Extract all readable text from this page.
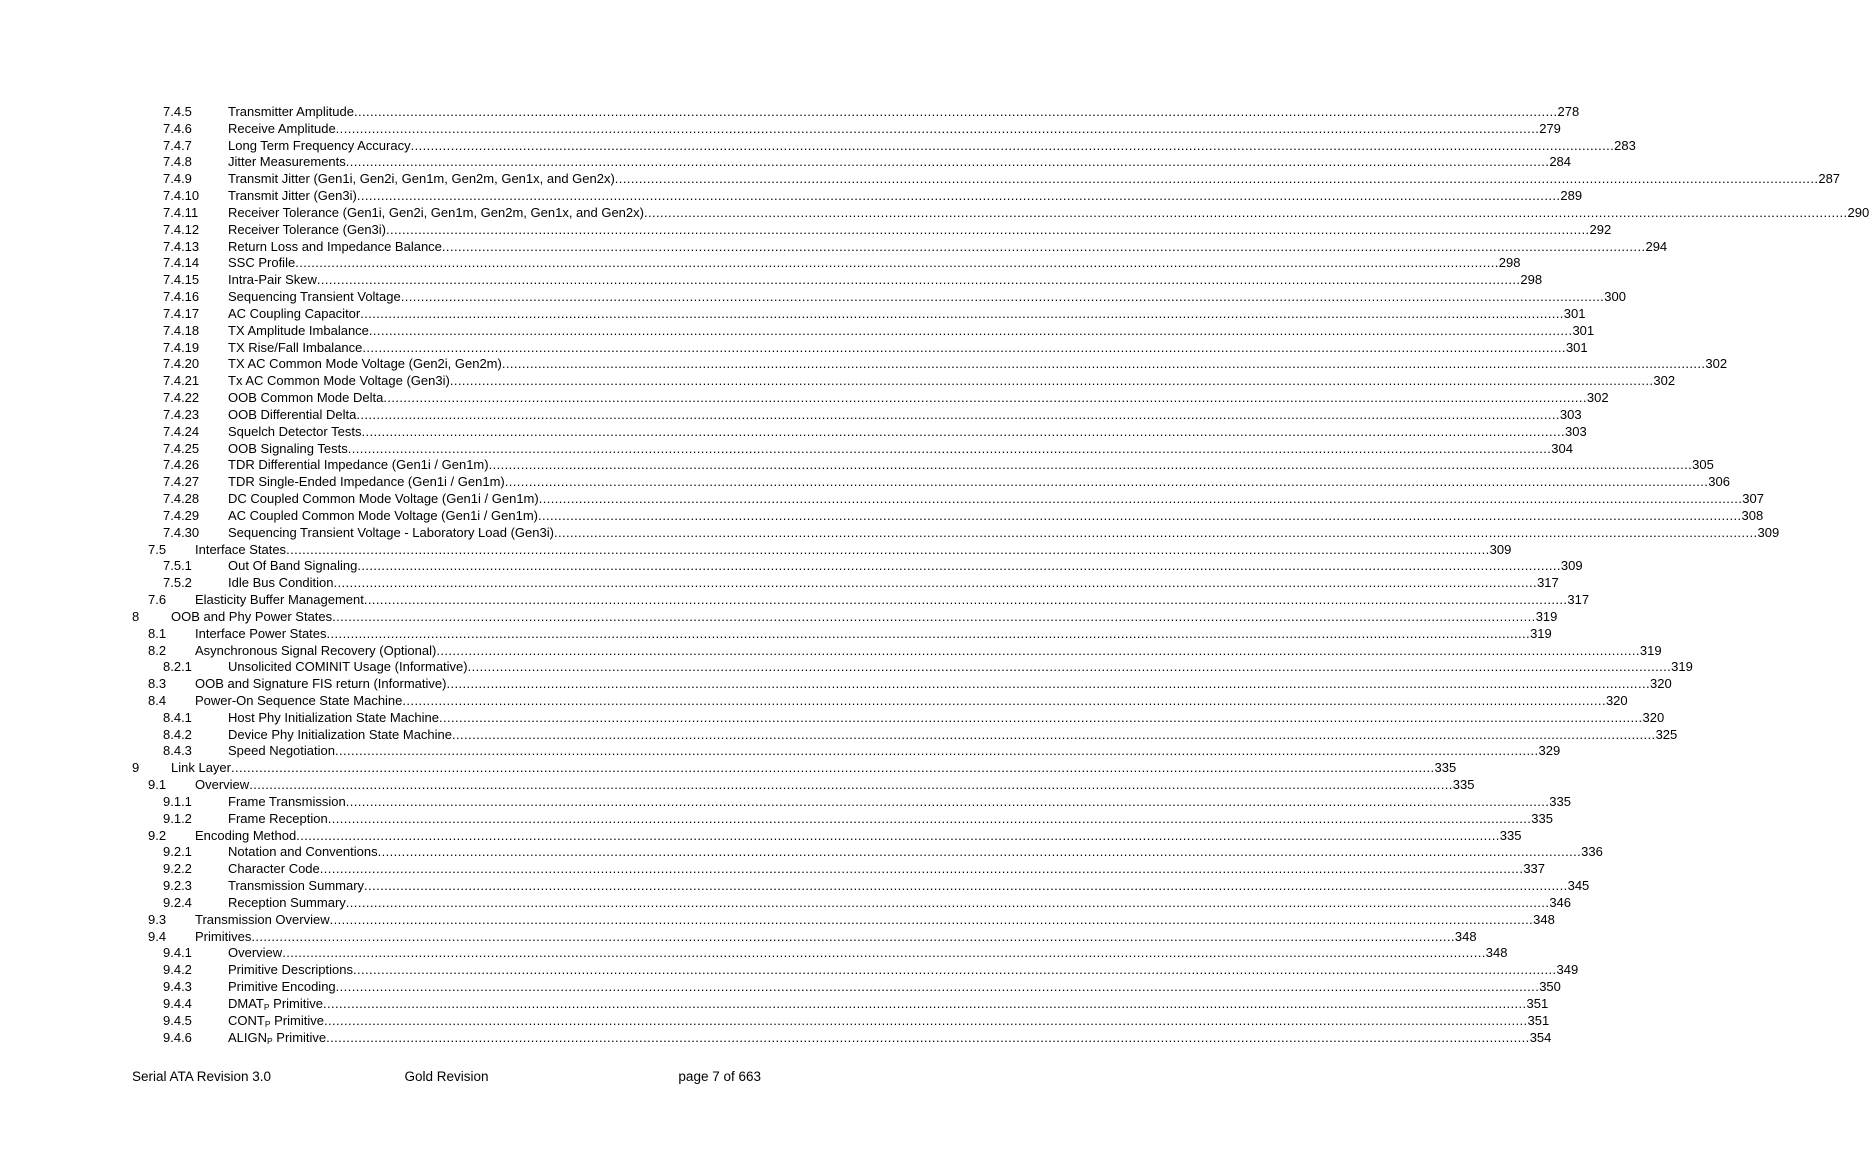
7.4.5	Transmitter Amplitude ............................................................................................................................................................................................................................................................................................................ 278
7.4.6	Receive Amplitude ............................................................................................................................................................................................................................................................................................................ 279
7.4.7	Long Term Frequency Accuracy ............................................................................................................................................................................................................................................................................................................ 283
7.4.8	Jitter Measurements ............................................................................................................................................................................................................................................................................................................ 284
7.4.9	Transmit Jitter (Gen1i, Gen2i, Gen1m, Gen2m, Gen1x, and Gen2x) ............................................................................................................................................................................................................................................................................................................ 287
7.4.10 Transmit Jitter (Gen3i) ............................................................................................................................................................................................................................................................................................................ 289
7.4.11 Receiver Tolerance (Gen1i, Gen2i, Gen1m, Gen2m, Gen1x, and Gen2x) ............................................................................................................................................................................................................................................................................................................ 290
7.4.12 Receiver Tolerance (Gen3i) ............................................................................................................................................................................................................................................................................................................ 292
7.4.13 Return Loss and Impedance Balance ............................................................................................................................................................................................................................................................................................................ 294
7.4.14 SSC Profile ............................................................................................................................................................................................................................................................................................................ 298
7.4.15 Intra-Pair Skew ............................................................................................................................................................................................................................................................................................................ 298
7.4.16 Sequencing Transient Voltage ............................................................................................................................................................................................................................................................................................................ 300
7.4.17 AC Coupling Capacitor ............................................................................................................................................................................................................................................................................................................ 301
7.4.18 TX Amplitude Imbalance ............................................................................................................................................................................................................................................................................................................ 301
7.4.19 TX Rise/Fall Imbalance ............................................................................................................................................................................................................................................................................................................ 301
7.4.20 TX AC Common Mode Voltage (Gen2i, Gen2m) ............................................................................................................................................................................................................................................................................................................ 302
7.4.21 Tx AC Common Mode Voltage (Gen3i) ............................................................................................................................................................................................................................................................................................................ 302
7.4.22 OOB Common Mode Delta ............................................................................................................................................................................................................................................................................................................ 302
7.4.23 OOB Differential Delta ............................................................................................................................................................................................................................................................................................................ 303
7.4.24 Squelch Detector Tests ............................................................................................................................................................................................................................................................................................................ 303
7.4.25 OOB Signaling Tests ............................................................................................................................................................................................................................................................................................................ 304
7.4.26 TDR Differential Impedance (Gen1i / Gen1m) ............................................................................................................................................................................................................................................................................................................ 305
7.4.27 TDR Single-Ended Impedance (Gen1i / Gen1m) ............................................................................................................................................................................................................................................................................................................ 306
7.4.28 DC Coupled Common Mode Voltage (Gen1i / Gen1m) ............................................................................................................................................................................................................................................................................................................ 307
7.4.29 AC Coupled Common Mode Voltage (Gen1i / Gen1m) ............................................................................................................................................................................................................................................................................................................ 308
7.4.30 Sequencing Transient Voltage - Laboratory Load (Gen3i) ............................................................................................................................................................................................................................................................................................................ 309
7.5 Interface States ............................................................................................................................................................................................................................................................................................................ 309
7.5.1	Out Of Band Signaling ............................................................................................................................................................................................................................................................................................................ 309
7.5.2	Idle Bus Condition ............................................................................................................................................................................................................................................................................................................ 317
7.6 Elasticity Buffer Management ............................................................................................................................................................................................................................................................................................................ 317
8 OOB and Phy Power States ............................................................................................................................................................................................................................................................................................................ 319
8.1 Interface Power States ............................................................................................................................................................................................................................................................................................................ 319
8.2 Asynchronous Signal Recovery (Optional) ............................................................................................................................................................................................................................................................................................................ 319
8.2.1	Unsolicited COMINIT Usage (Informative) ............................................................................................................................................................................................................................................................................................................ 319
8.3 OOB and Signature FIS return (Informative) ............................................................................................................................................................................................................................................................................................................ 320
8.4 Power-On Sequence State Machine ............................................................................................................................................................................................................................................................................................................ 320
8.4.1	Host Phy Initialization State Machine ............................................................................................................................................................................................................................................................................................................ 320
8.4.2	Device Phy Initialization State Machine ............................................................................................................................................................................................................................................................................................................ 325
8.4.3	Speed Negotiation ............................................................................................................................................................................................................................................................................................................ 329
9 Link Layer ............................................................................................................................................................................................................................................................................................................ 335
9.1 Overview ............................................................................................................................................................................................................................................................................................................ 335
9.1.1	Frame Transmission ............................................................................................................................................................................................................................................................................................................ 335
9.1.2	Frame Reception ............................................................................................................................................................................................................................................................................................................ 335
9.2 Encoding Method ............................................................................................................................................................................................................................................................................................................ 335
9.2.1	Notation and Conventions ............................................................................................................................................................................................................................................................................................................ 336
9.2.2	Character Code ............................................................................................................................................................................................................................................................................................................ 337
9.2.3	Transmission Summary ............................................................................................................................................................................................................................................................................................................ 345
9.2.4	Reception Summary ............................................................................................................................................................................................................................................................................................................ 346
9.3 Transmission Overview ............................................................................................................................................................................................................................................................................................................ 348
9.4 Primitives ............................................................................................................................................................................................................................................................................................................ 348
9.4.1	Overview ............................................................................................................................................................................................................................................................................................................ 348
9.4.2	Primitive Descriptions ............................................................................................................................................................................................................................................................................................................ 349
9.4.3	Primitive Encoding ............................................................................................................................................................................................................................................................................................................ 350
9.4.4	$DMAT_P$ Primitive ............................................................................................................................................................................................................................................................................................................ 351
9.4.5	$CONT_P$ Primitive ............................................................................................................................................................................................................................................................................................................ 351
9.4.6	$ALIGN_P$ Primitive ............................................................................................................................................................................................................................................................................................................ 354
Serial ATA Revision 3.0	Gold Revision	page 7 of 663
